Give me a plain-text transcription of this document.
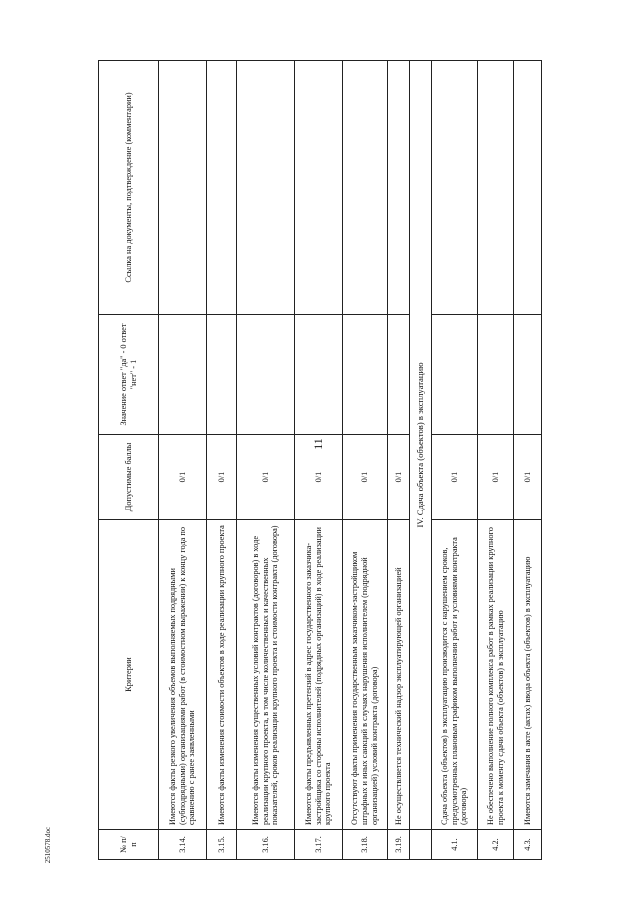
11
2510578.doc	№ п/п	Критерии	Допустимые баллы	Значение ответ "да" - 0 ответ "нет" - 1	Ссылка на документы, подтверждение (комментарии)
3.14.	Имеются факты резкого увеличения объемов выполняемых подрядными (субподрядными) организациями работ (в стоимостном выражении) к концу года по сравнению с ранее заявленными	0/1		
3.15.	Имеются факты изменения стоимости объектов в ходе реализации крупного проекта	0/1		
3.16.	Имеются факты изменения существенных условий контрактов (договоров) в ходе реализации крупного проекта, в том числе количественных и качественных показателей, сроков реализации крупного проекта и стоимости контракта (договора)	0/1		
3.17.	Имеются факты предъявленных претензий в адрес государственного заказчика-застройщика со стороны исполнителей (подрядных организаций) в ходе реализации крупного проекта	0/1		
3.18.	Отсутствуют факты применения государственным заказчиком-застройщиком штрафных и иных санкций в случаях нарушения исполнителем (подрядной организацией) условий контракта (договора)	0/1		
3.19.	Не осуществляется технический надзор эксплуатирующей организацией	0/1		
	IV. Сдача объекта (объектов) в эксплуатацию			
4.1.	Сдача объекта (объектов) в эксплуатацию производится с нарушением сроков, предусмотренных плановым графиком выполнения работ и условиями контракта (договора)	0/1		
4.2.	Не обеспечено выполнение полного комплекса работ в рамках реализации крупного проекта к моменту сдачи объекта (объектов) в эксплуатацию	0/1		
4.3.	Имеются замечания в акте (актах) ввода объекта (объектов) в эксплуатацию	0/1		
